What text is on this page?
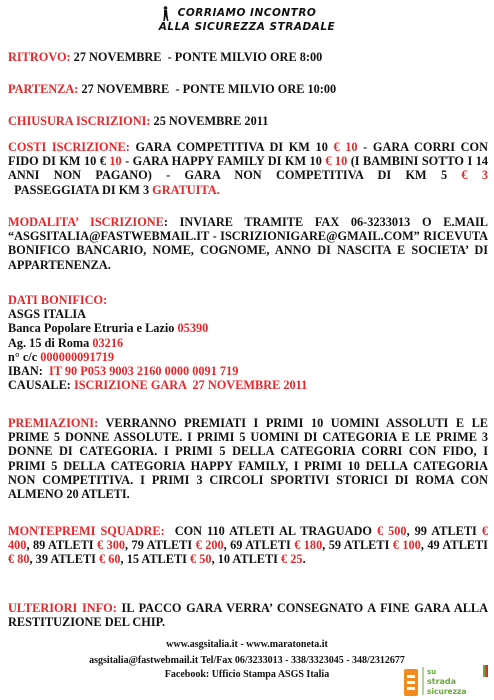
CORRIAMO INCONTRO
ALLA SICUREZZA STRADALE
RITROVO: 27 NOVEMBRE  - PONTE MILVIO ORE 8:00
PARTENZA: 27 NOVEMBRE  - PONTE MILVIO ORE 10:00
CHIUSURA ISCRIZIONI: 25 NOVEMBRE 2011
COSTI ISCRIZIONE: GARA COMPETITIVA DI KM 10 € 10 - GARA CORRI CON FIDO DI KM 10 € 10 - GARA HAPPY FAMILY DI KM 10 € 10 (I BAMBINI SOTTO I 14 ANNI NON PAGANO) - GARA NON COMPETITIVA DI KM 5 € 3  PASSEGGIATA DI KM 3 GRATUITA.
MODALITA’ ISCRIZIONE: INVIARE TRAMITE FAX 06-3233013 O E.MAIL “ASGSITALIA@FASTWEBMAIL.IT - ISCRIZIONIGARE@GMAIL.COM” RICEVUTA BONIFICO BANCARIO, NOME, COGNOME, ANNO DI NASCITA E SOCIETA’ DI APPARTENENZA.
DATI BONIFICO:
ASGS ITALIA
Banca Popolare Etruria e Lazio 05390
Ag. 15 di Roma 03216
n° c/c 000000091719
IBAN:  IT 90 P053 9003 2160 0000 0091 719
CAUSALE: ISCRIZIONE GARA  27 NOVEMBRE 2011
PREMIAZIONI: VERRANNO PREMIATI I PRIMI 10 UOMINI ASSOLUTI E LE PRIME 5 DONNE ASSOLUTE. I PRIMI 5 UOMINI DI CATEGORIA E LE PRIME 3 DONNE DI CATEGORIA. I PRIMI 5 DELLA CATEGORIA CORRI CON FIDO, I PRIMI 5 DELLA CATEGORIA HAPPY FAMILY, I PRIMI 10 DELLA CATEGORIA NON COMPETITIVA. I PRIMI 3 CIRCOLI SPORTIVI STORICI DI ROMA CON ALMENO 20 ATLETI.
MONTEPREMI SQUADRE:  CON 110 ATLETI AL TRAGUADO € 500, 99 ATLETI € 400, 89 ATLETI € 300, 79 ATLETI € 200, 69 ATLETI € 180, 59 ATLETI € 100, 49 ATLETI € 80, 39 ATLETI € 60, 15 ATLETI € 50, 10 ATLETI € 25.
ULTERIORI INFO: IL PACCO GARA VERRA’ CONSEGNATO A FINE GARA ALLA RESTITUZIONE DEL CHIP.
www.asgsitalia.it - www.maratoneta.it
asgsitalia@fastwebmail.it Tel/Fax 06/3233013 - 338/3323045 - 348/2312677
Facebook: Ufficio Stampa ASGS Italia	su
strada
sicurezza
